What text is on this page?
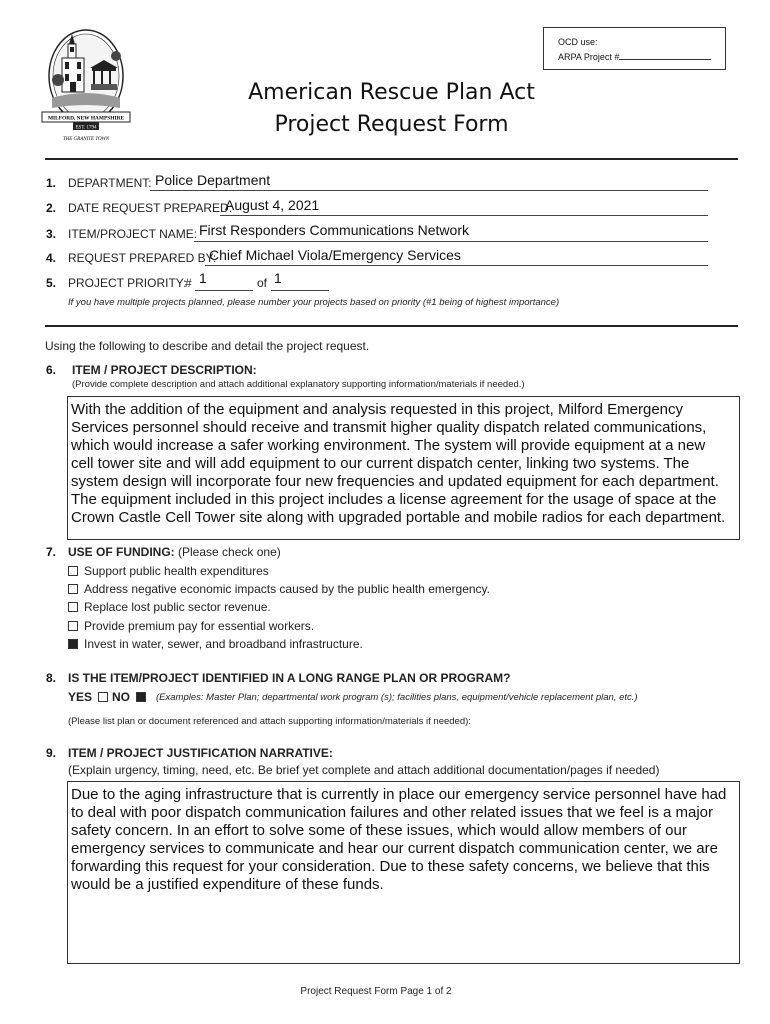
MILFORD, NEW HAMPSHIRE
EST. 1794
THE GRANITE TOWN
OCD use:
ARPA Project #
American Rescue Plan Act
Project Request Form
1. DEPARTMENT: Police Department
2. DATE REQUEST PREPARED:
August 4, 2021
3. ITEM/PROJECT NAME: First Responders Communications Network
4. REQUEST PREPARED BY:
Chief Michael Viola/Emergency Services
5. PROJECT PRIORITY:
# 1	of 1
If you have multiple projects planned, please number your projects based on priority (#1 being of highest importance)
Using the following to describe and detail the project request.
6. ITEM / PROJECT DESCRIPTION:
(Provide complete description and attach additional explanatory supporting information/materials if needed.)
With the addition of the equipment and analysis requested in this project, Milford Emergency
Services personnel should receive and transmit higher quality dispatch related communications,
which would increase a safer working environment. The system will provide equipment at a new
cell tower site and will add equipment to our current dispatch center, linking two systems. The
system design will incorporate four new frequencies and updated equipment for each department.
The equipment included in this project includes a license agreement for the usage of space at the
Crown Castle Cell Tower site along with upgraded portable and mobile radios for each department.
7. USE OF FUNDING: (Please check one)
Support public health expenditures
Address negative economic impacts caused by the public health emergency.
Replace lost public sector revenue.
Provide premium pay for essential workers.
Invest in water, sewer, and broadband infrastructure.
8. IS THE ITEM/PROJECT IDENTIFIED IN A LONG RANGE PLAN OR PROGRAM?
YES	NO	(Examples: Master Plan; departmental work program (s); facilities plans, equipment/vehicle replacement plan, etc.)
(Please list plan or document referenced and attach supporting information/materials if needed):
9. ITEM / PROJECT JUSTIFICATION NARRATIVE:
(Explain urgency, timing, need, etc. Be brief yet complete and attach additional documentation/pages if needed)
Due to the aging infrastructure that is currently in place our emergency service personnel have had
to deal with poor dispatch communication failures and other related issues that we feel is a major
safety concern. In an effort to solve some of these issues, which would allow members of our
emergency services to communicate and hear our current dispatch communication center, we are
forwarding this request for your consideration. Due to these safety concerns, we believe that this
would be a justified expenditure of these funds.
Project Request Form Page 1 of 2
